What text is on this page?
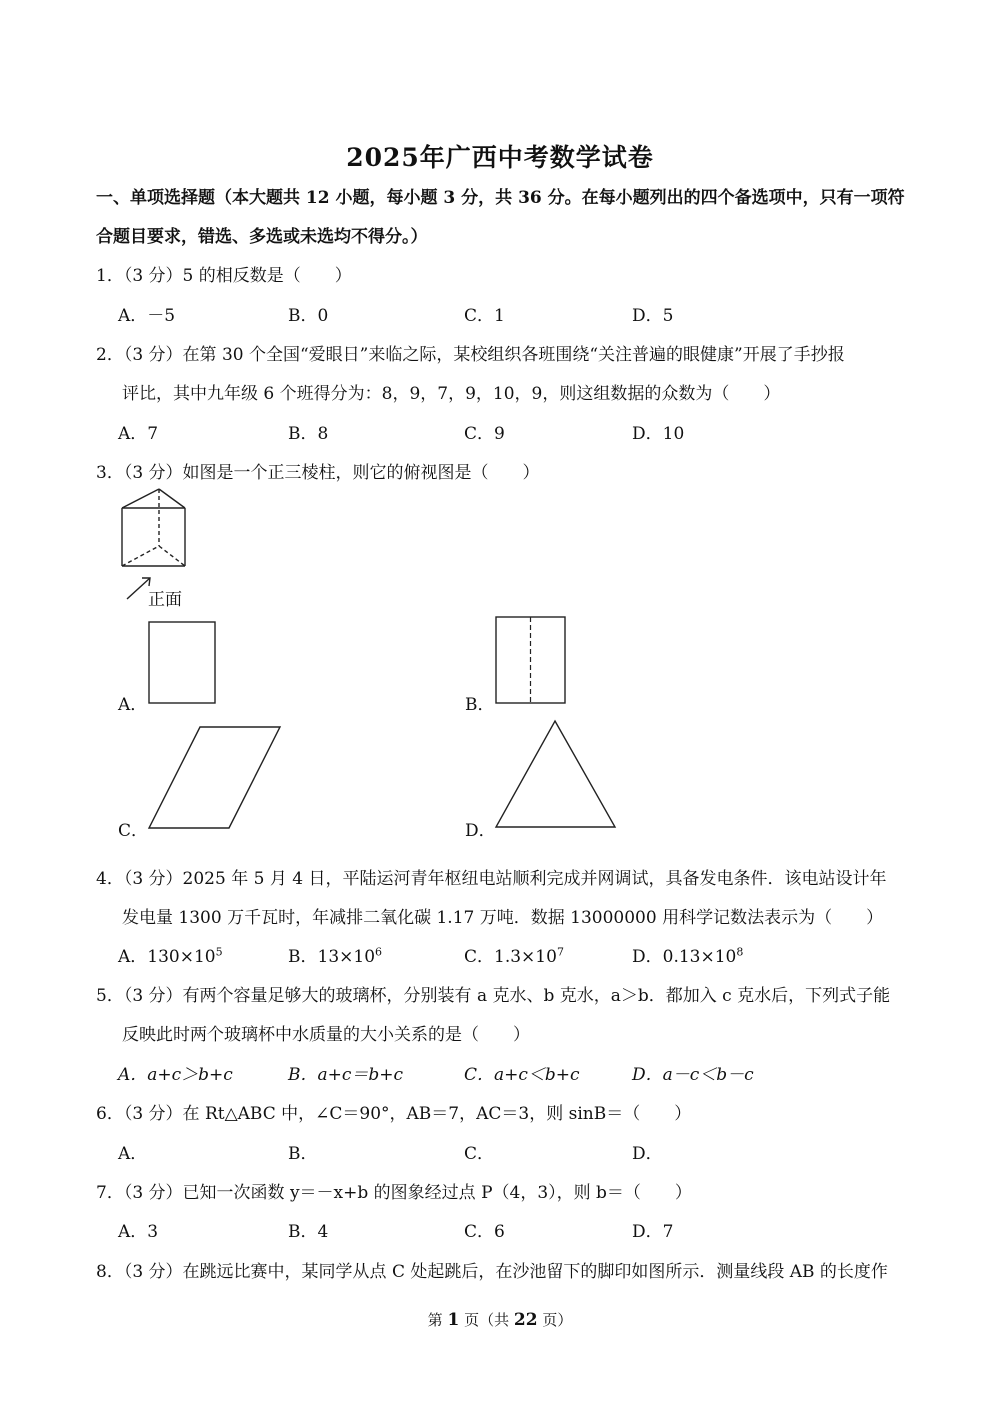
2025年广西中考数学试卷
一、单项选择题（本大题共 12 小题，每小题 3 分，共 36 分。在每小题列出的四个备选项中，只有一项符
合题目要求，错选、多选或未选均不得分。）
1．（3 分）5 的相反数是（　　）
A．－5	B．0	C．1	D．5
2．（3 分）在第 30 个全国“爱眼日”来临之际，某校组织各班围绕“关注普遍的眼健康”开展了手抄报
评比，其中九年级 6 个班得分为：8，9，7，9，10，9，则这组数据的众数为（　　）
A．7	B．8	C．9	D．10
3．（3 分）如图是一个正三棱柱，则它的俯视图是（　　）
正面
A．	B．
C．	D．
4．（3 分）2025 年 5 月 4 日，平陆运河青年枢纽电站顺利完成并网调试，具备发电条件．该电站设计年
发电量 1300 万千瓦时，年减排二氧化碳 1.17 万吨．数据 13000000 用科学记数法表示为（　　）
A．$130\times 10^5$	B．$13\times 10^6$	C．$1.3\times 10^7$	D．$0.13\times 10^8$
5．（3 分）有两个容量足够大的玻璃杯，分别装有 a 克水、b 克水，a＞b．都加入 c 克水后，下列式子能
反映此时两个玻璃杯中水质量的大小关系的是（　　）
A．a+c＞b+c	B．a+c＝b+c	C．a+c＜b+c	D．a－c＜b－c
6．（3 分）在 Rt△ABC 中，∠C＝90°，AB＝7，AC＝3，则 sinB＝（　　）
A．	B．	C．	D．
7．（3 分）已知一次函数 y＝－x+b 的图象经过点 P（4，3），则 b＝（　　）
A．3	B．4	C．6	D．7
8．（3 分）在跳远比赛中，某同学从点 C 处起跳后，在沙池留下的脚印如图所示．测量线段 AB 的长度作
第 1 页（共 22 页）
